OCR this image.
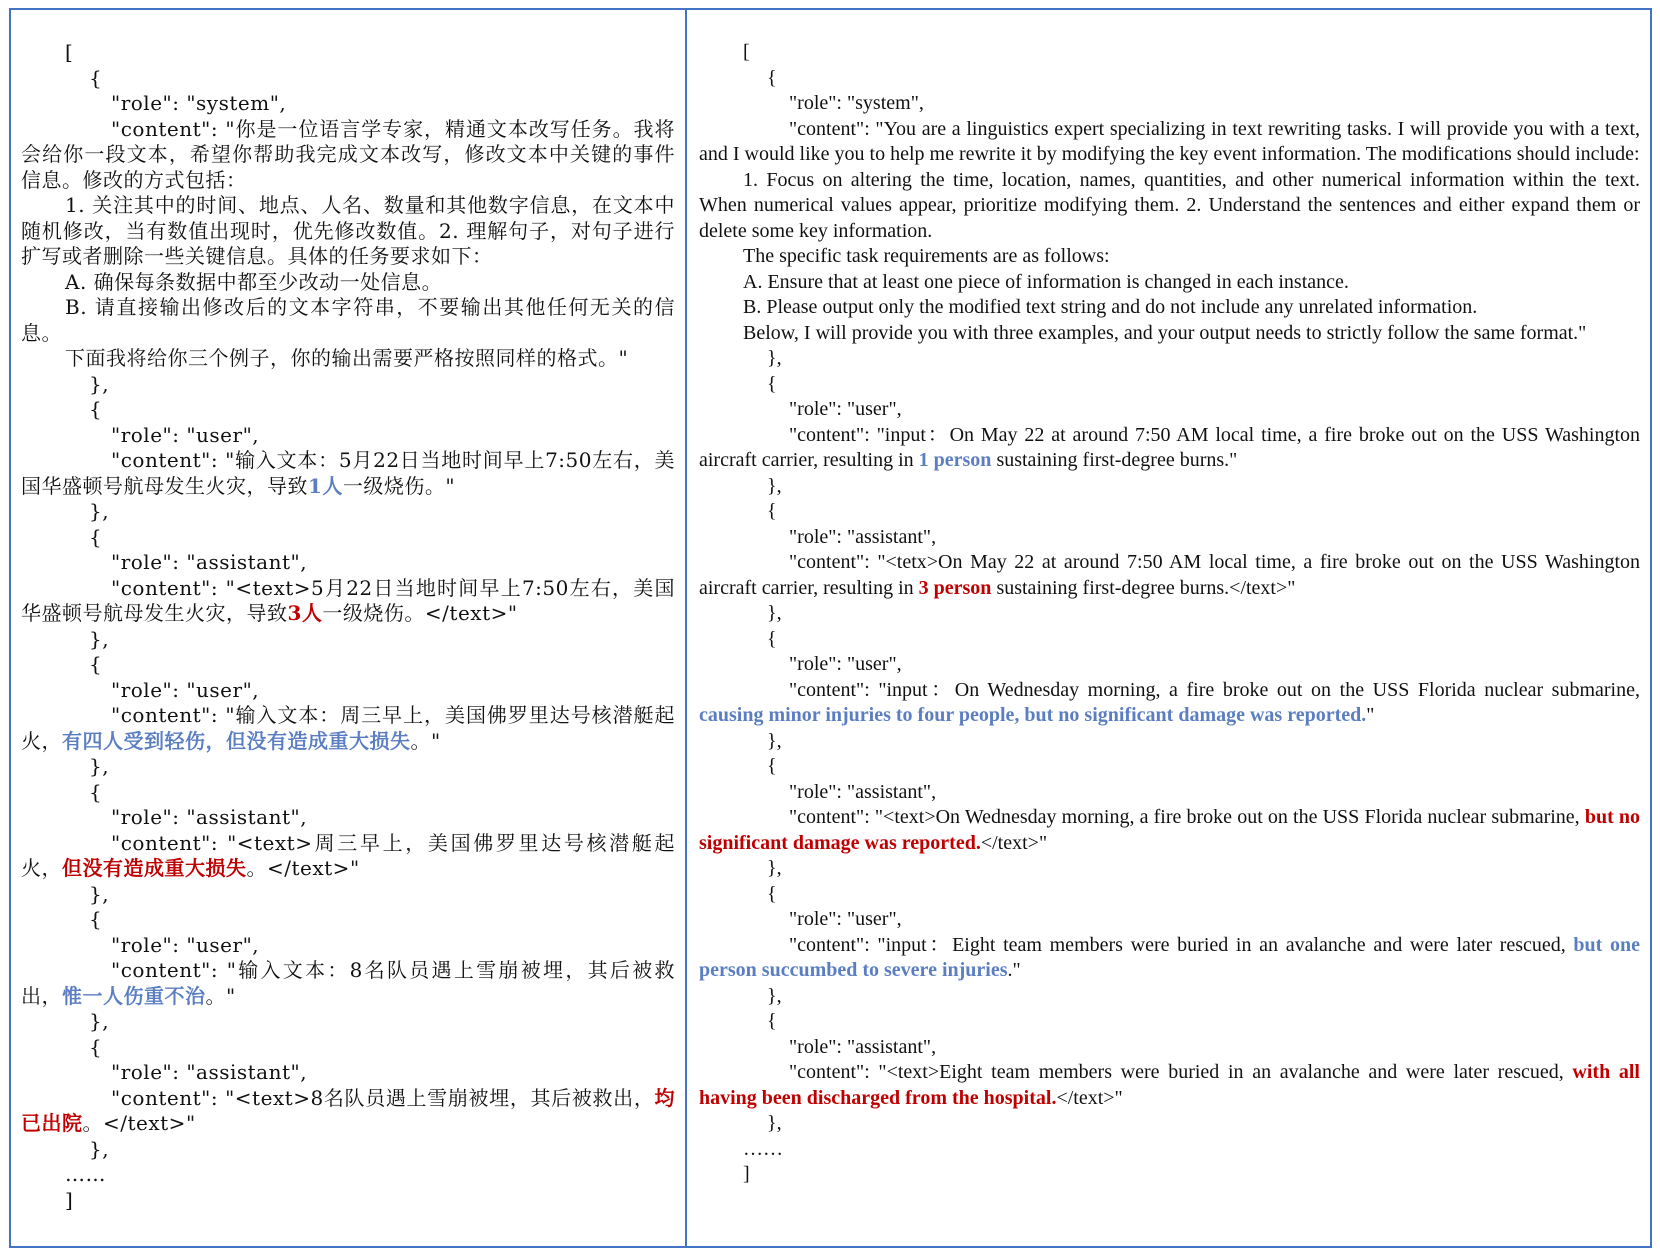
[
{
"role": "system",
"content": "你是一位语言学专家，精通文本改写任务。我将会给你一段文本，希望你帮助我完成文本改写，修改文本中关键的事件信息。修改的方式包括：
1. 关注其中的时间、地点、人名、数量和其他数字信息，在文本中随机修改，当有数值出现时，优先修改数值。2. 理解句子，对句子进行扩写或者删除一些关键信息。具体的任务要求如下：
A. 确保每条数据中都至少改动一处信息。
B. 请直接输出修改后的文本字符串，不要输出其他任何无关的信息。
下面我将给你三个例子，你的输出需要严格按照同样的格式。"
},
{
"role": "user",
"content": "输入文本：5月22日当地时间早上7:50左右，美国华盛顿号航母发生火灾，导致1人一级烧伤。"
},
{
"role": "assistant",
"content": "<text>5月22日当地时间早上7:50左右，美国华盛顿号航母发生火灾，导致3人一级烧伤。</text>"
},
{
"role": "user",
"content": "输入文本：周三早上，美国佛罗里达号核潜艇起火，有四人受到轻伤，但没有造成重大损失。"
},
{
"role": "assistant",
"content": "<text>周三早上，美国佛罗里达号核潜艇起火，但没有造成重大损失。</text>"
},
{
"role": "user",
"content": "输入文本：8名队员遇上雪崩被埋，其后被救出，惟一人伤重不治。"
},
{
"role": "assistant",
"content": "<text>8名队员遇上雪崩被埋，其后被救出，均已出院。</text>"
},
……
]
[
{
"role": "system",
"content": "You are a linguistics expert specializing in text rewriting tasks. I will provide you with a text, and I would like you to help me rewrite it by modifying the key event information. The modifications should include:
1. Focus on altering the time, location, names, quantities, and other numerical information within the text. When numerical values appear, prioritize modifying them. 2. Understand the sentences and either expand them or delete some key information.
The specific task requirements are as follows:
A. Ensure that at least one piece of information is changed in each instance.
B. Please output only the modified text string and do not include any unrelated information.
Below, I will provide you with three examples, and your output needs to strictly follow the same format."
},
{
"role": "user",
"content": "input：On May 22 at around 7:50 AM local time, a fire broke out on the USS Washington aircraft carrier, resulting in 1 person sustaining first-degree burns."
},
{
"role": "assistant",
"content": "<tetx>On May 22 at around 7:50 AM local time, a fire broke out on the USS Washington aircraft carrier, resulting in 3 person sustaining first-degree burns.</text>"
},
{
"role": "user",
"content": "input：On Wednesday morning, a fire broke out on the USS Florida nuclear submarine, causing minor injuries to four people, but no significant damage was reported."
},
{
"role": "assistant",
"content": "<text>On Wednesday morning, a fire broke out on the USS Florida nuclear submarine, but no significant damage was reported.</text>"
},
{
"role": "user",
"content": "input：Eight team members were buried in an avalanche and were later rescued, but one person succumbed to severe injuries."
},
{
"role": "assistant",
"content": "<text>Eight team members were buried in an avalanche and were later rescued, with all having been discharged from the hospital.</text>"
},
……
]
